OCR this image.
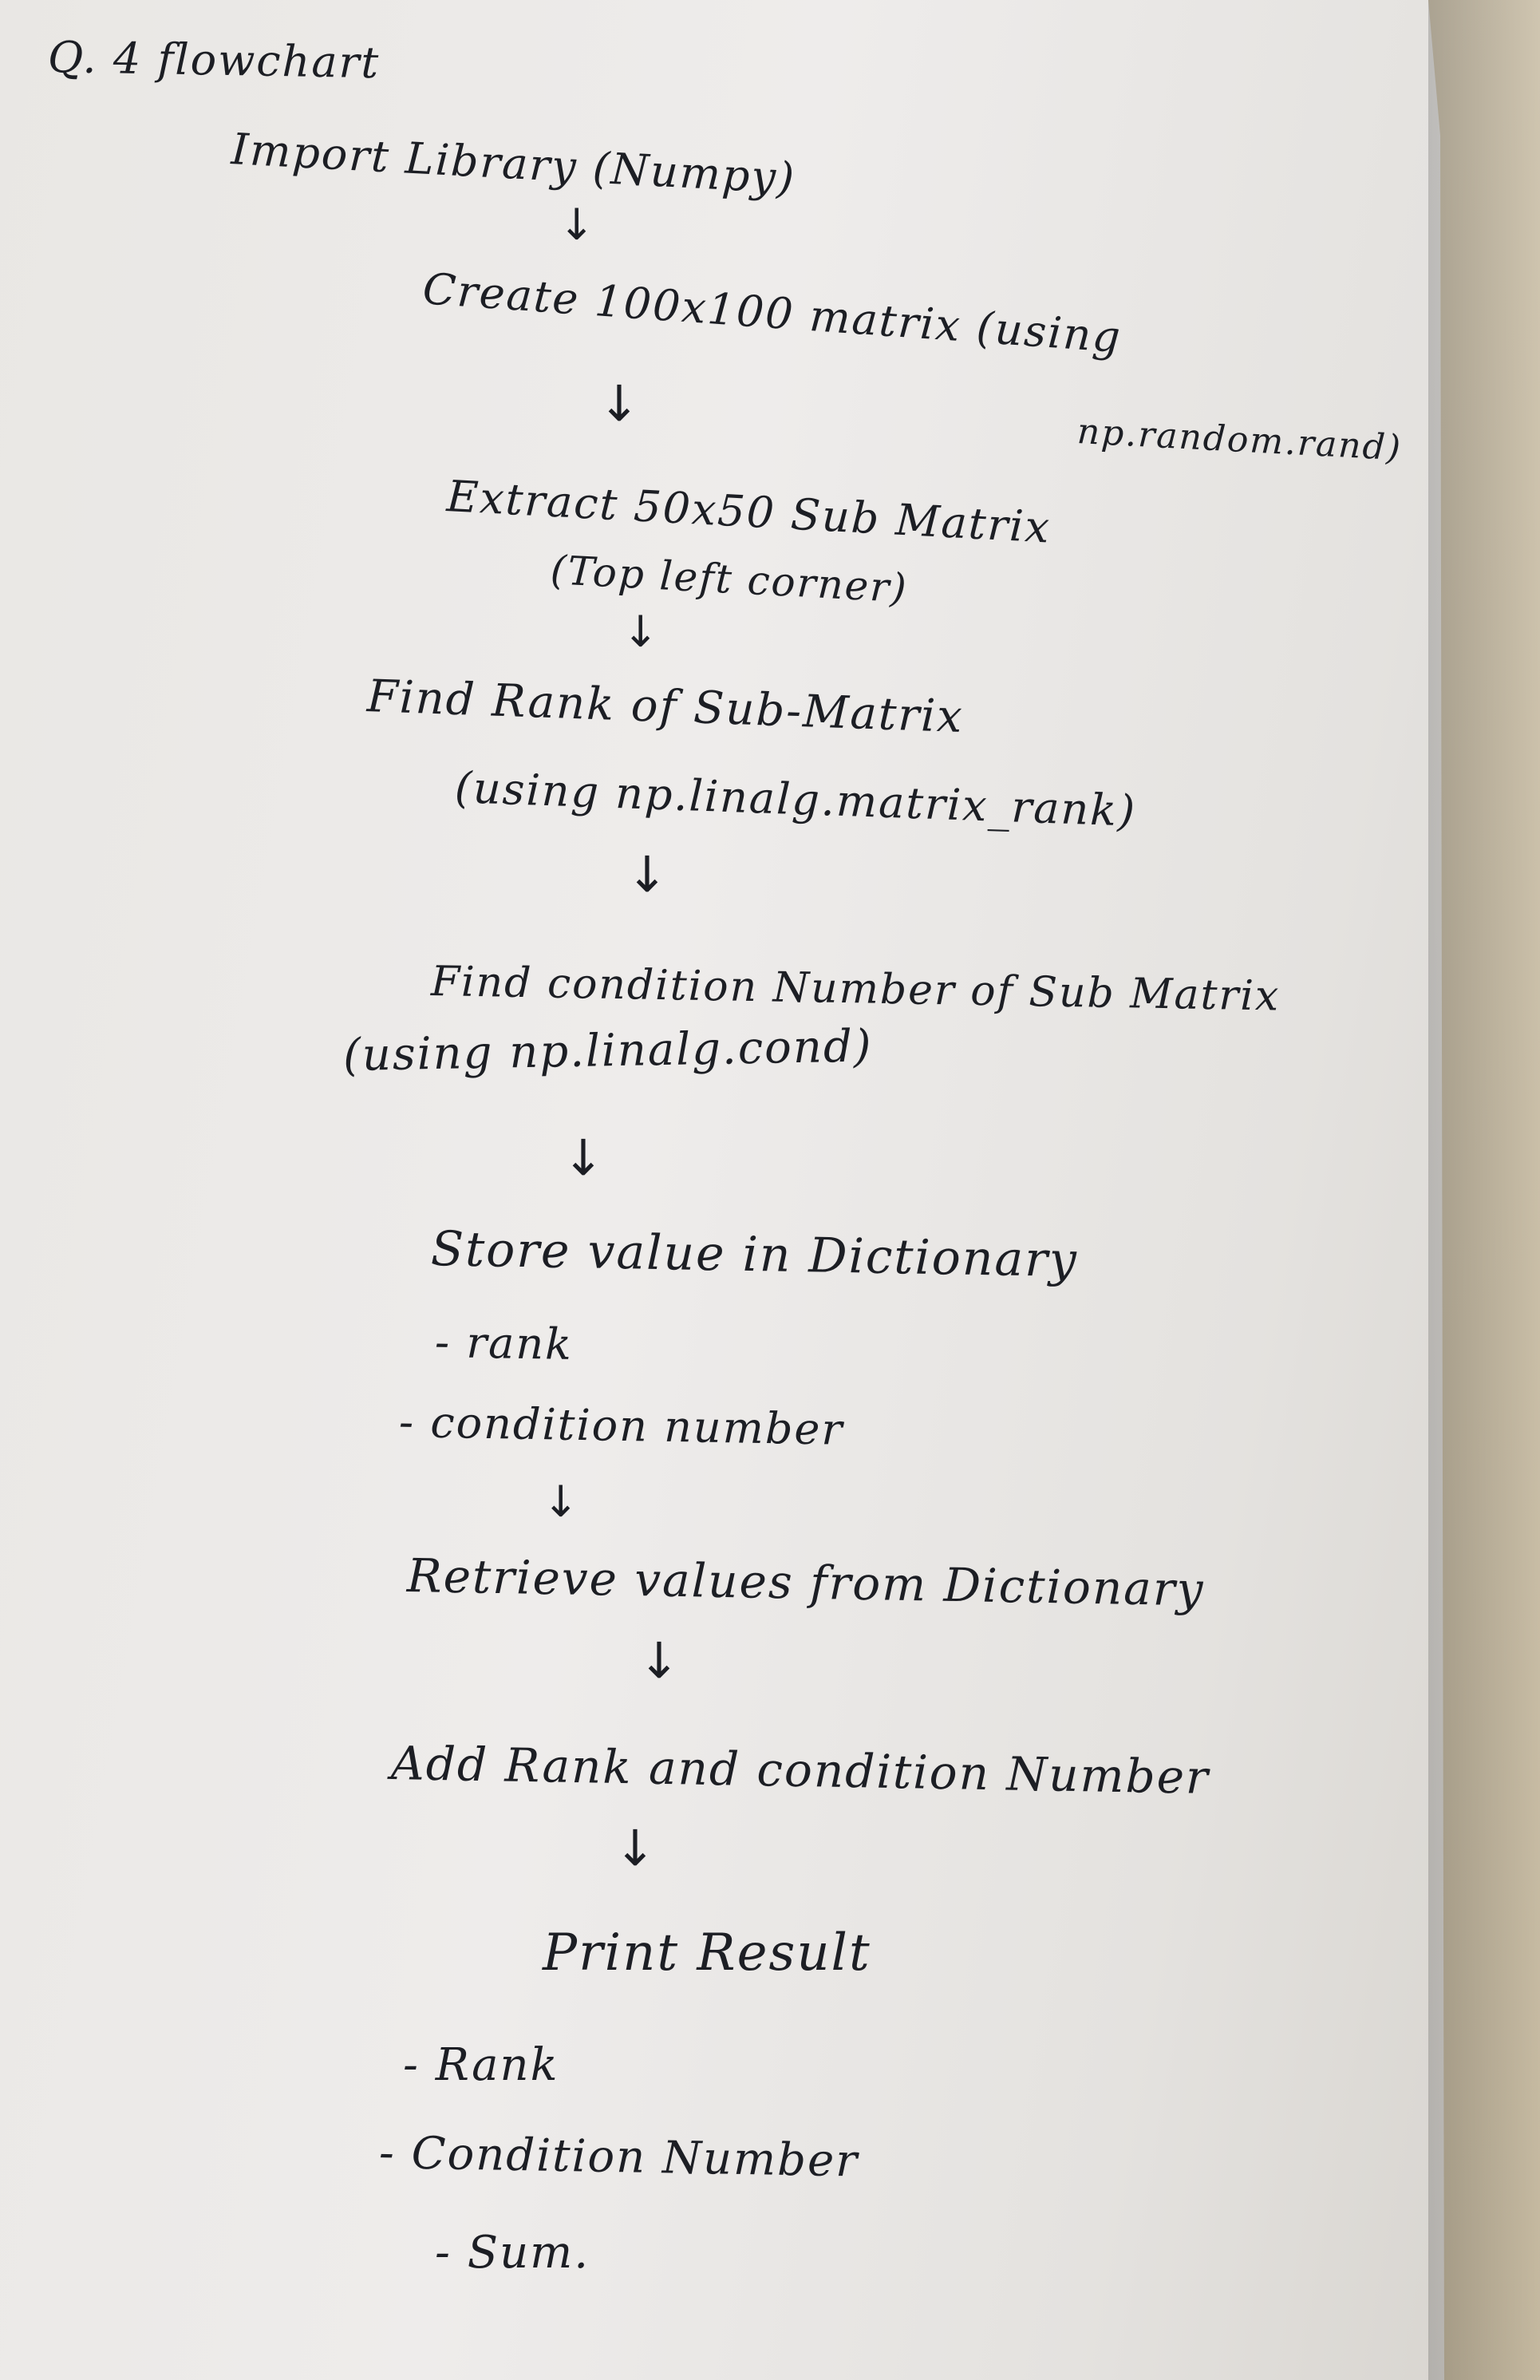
Q. 4 flowchart
Import Library (Numpy)
↓
Create 100x100 matrix (using
↓
np.random.rand)
Extract 50x50 Sub Matrix
(Top left corner)
↓
Find Rank of Sub-Matrix
(using np.linalg.matrix_rank)
↓
Find condition Number of Sub Matrix
(using np.linalg.cond)
↓
Store value in Dictionary
- rank
- condition number
↓
Retrieve values from Dictionary
↓
Add Rank and condition Number
↓
Print Result
- Rank
- Condition Number
- Sum.
